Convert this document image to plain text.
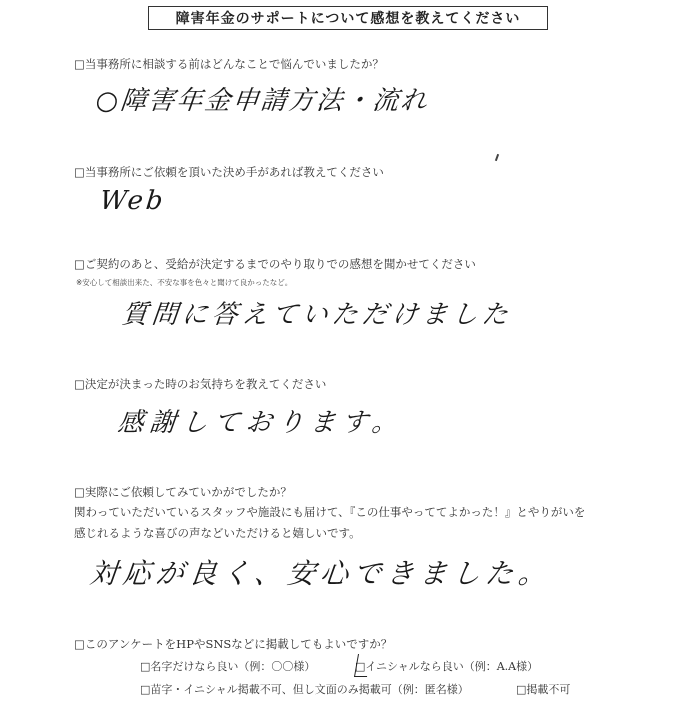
障害年金のサポートについて感想を教えてください
□当事務所に相談する前はどんなことで悩んでいましたか？
○障害年金申請方法・流れ
□当事務所にご依頼を頂いた決め手があれば教えてください
Web
□ご契約のあと、受給が決定するまでのやり取りでの感想を聞かせてください
※安心して相談出来た、不安な事を色々と聞けて良かったなど。
質問に答えていただけました
□決定が決まった時のお気持ちを教えてください
感謝しております。
□実際にご依頼してみていかがでしたか？
関わっていただいているスタッフや施設にも届けて、『この仕事やっててよかった！』とやりがいを
感じれるような喜びの声などいただけると嬉しいです。
対応が良く、安心できました。
□このアンケートをHPやSNSなどに掲載してもよいですか？
□名字だけなら良い（例：〇〇様）	□イニシャルなら良い（例：A.A様）
□苗字・イニシャル掲載不可、但し文面のみ掲載可（例：匿名様）	□掲載不可
